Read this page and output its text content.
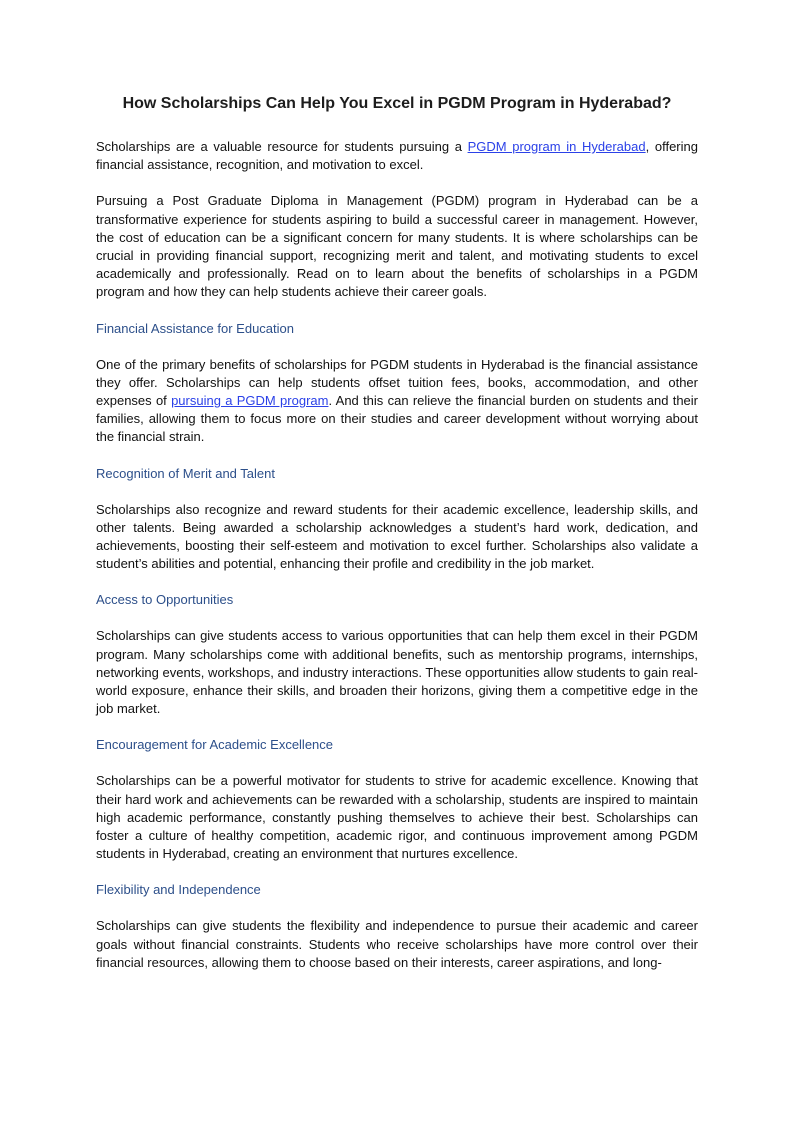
How Scholarships Can Help You Excel in PGDM Program in Hyderabad?

Scholarships are a valuable resource for students pursuing a PGDM program in Hyderabad, offering financial assistance, recognition, and motivation to excel.

Pursuing a Post Graduate Diploma in Management (PGDM) program in Hyderabad can be a transformative experience for students aspiring to build a successful career in management. However, the cost of education can be a significant concern for many students. It is where scholarships can be crucial in providing financial support, recognizing merit and talent, and motivating students to excel academically and professionally. Read on to learn about the benefits of scholarships in a PGDM program and how they can help students achieve their career goals.

Financial Assistance for Education

One of the primary benefits of scholarships for PGDM students in Hyderabad is the financial assistance they offer. Scholarships can help students offset tuition fees, books, accommodation, and other expenses of pursuing a PGDM program. And this can relieve the financial burden on students and their families, allowing them to focus more on their studies and career development without worrying about the financial strain.

Recognition of Merit and Talent

Scholarships also recognize and reward students for their academic excellence, leadership skills, and other talents. Being awarded a scholarship acknowledges a student’s hard work, dedication, and achievements, boosting their self-esteem and motivation to excel further. Scholarships also validate a student’s abilities and potential, enhancing their profile and credibility in the job market.

Access to Opportunities

Scholarships can give students access to various opportunities that can help them excel in their PGDM program. Many scholarships come with additional benefits, such as mentorship programs, internships, networking events, workshops, and industry interactions. These opportunities allow students to gain real-world exposure, enhance their skills, and broaden their horizons, giving them a competitive edge in the job market.

Encouragement for Academic Excellence

Scholarships can be a powerful motivator for students to strive for academic excellence. Knowing that their hard work and achievements can be rewarded with a scholarship, students are inspired to maintain high academic performance, constantly pushing themselves to achieve their best. Scholarships can foster a culture of healthy competition, academic rigor, and continuous improvement among PGDM students in Hyderabad, creating an environment that nurtures excellence.

Flexibility and Independence

Scholarships can give students the flexibility and independence to pursue their academic and career goals without financial constraints. Students who receive scholarships have more control over their financial resources, allowing them to choose based on their interests, career aspirations, and long-
